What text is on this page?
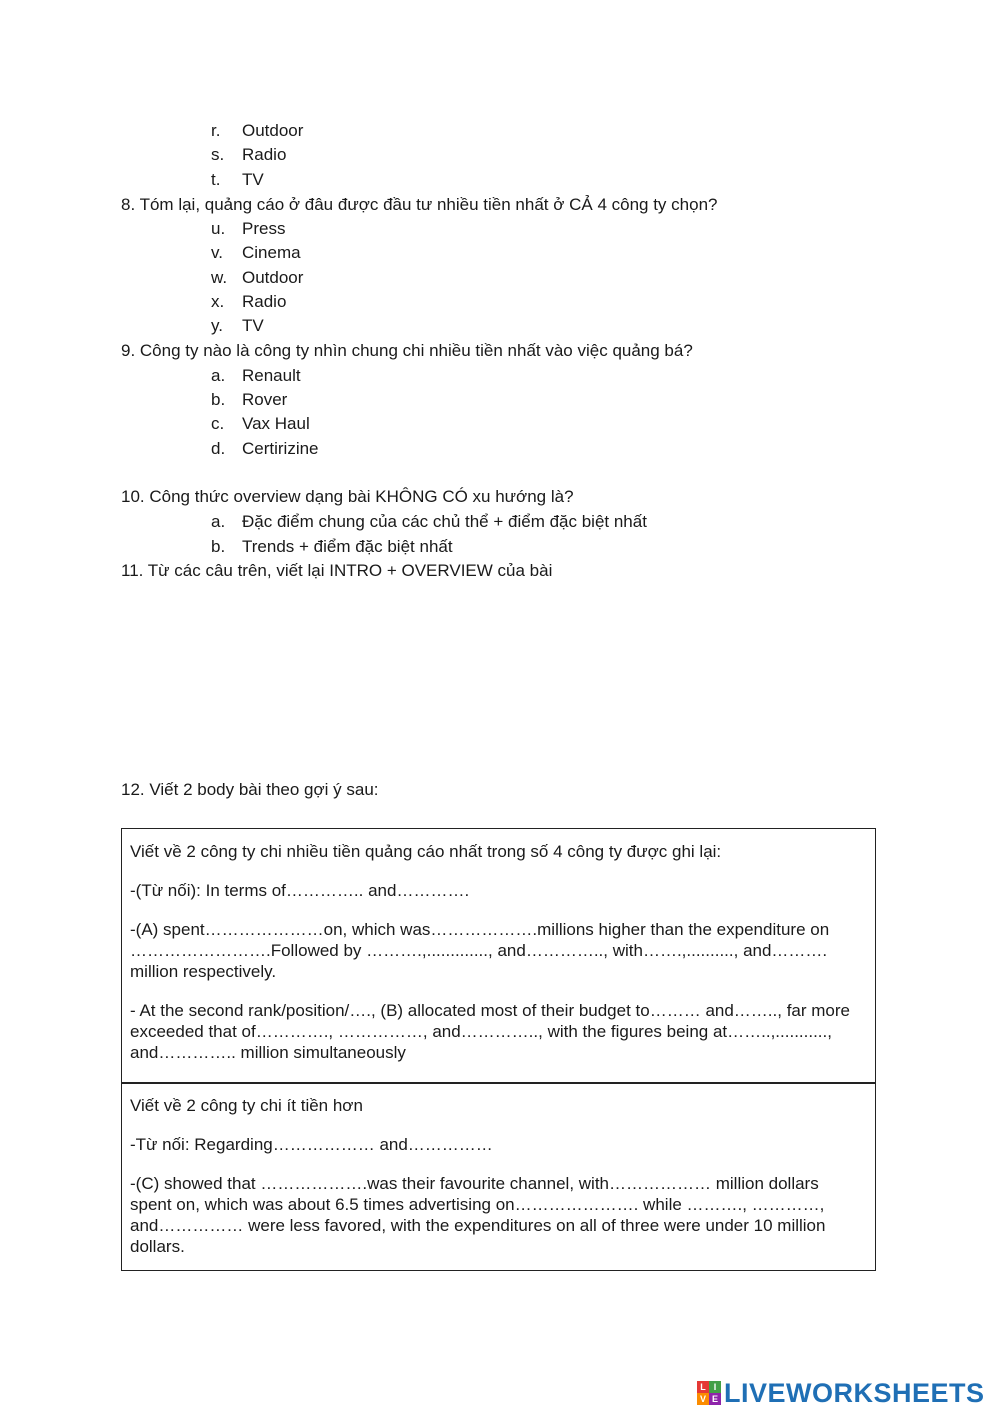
r.	Outdoor
s.	Radio
t.	TV
8. Tóm lại, quảng cáo ở đâu được đầu tư nhiều tiền nhất ở CẢ 4 công ty chọn?
u. Press
v.	Cinema
w. Outdoor
x.	Radio
y.	TV
9. Công ty nào là công ty nhìn chung chi nhiều tiền nhất vào việc quảng bá?
a. Renault
b. Rover
c.	Vax Haul
d. Certirizine
10. Công thức overview dạng bài KHÔNG CÓ xu hướng là?
a. Đặc điểm chung của các chủ thể + điểm đặc biệt nhất
b. Trends + điểm đặc biệt nhất
11. Từ các câu trên, viết lại INTRO + OVERVIEW của bài
12. Viết 2 body bài theo gợi ý sau:

Viết về 2 công ty chi nhiều tiền quảng cáo nhất trong số 4 công ty được ghi lại:

-(Từ nối): In terms of………….. and………….

-(A) spent…………………on, which was……………….millions higher than the expenditure on …………………….Followed by ……….,............., and………….., with…….,.........., and………. million respectively.

- At the second rank/position/…., (B) allocated most of their budget to……… and…….., far more exceeded that of…………., ……………, and………….., with the figures being at……..,..........., and………….. million simultaneously

Viết về 2 công ty chi ít tiền hơn

-Từ nối: Regarding……………… and……………

-(C) showed that ……………….was their favourite channel, with……………… million dollars spent on, which was about 6.5 times advertising on…………………. while ………., …………, and…………… were less favored, with the expenditures on all of three were under 10 million dollars.

L I
V E LIVEWORKSHEETS
